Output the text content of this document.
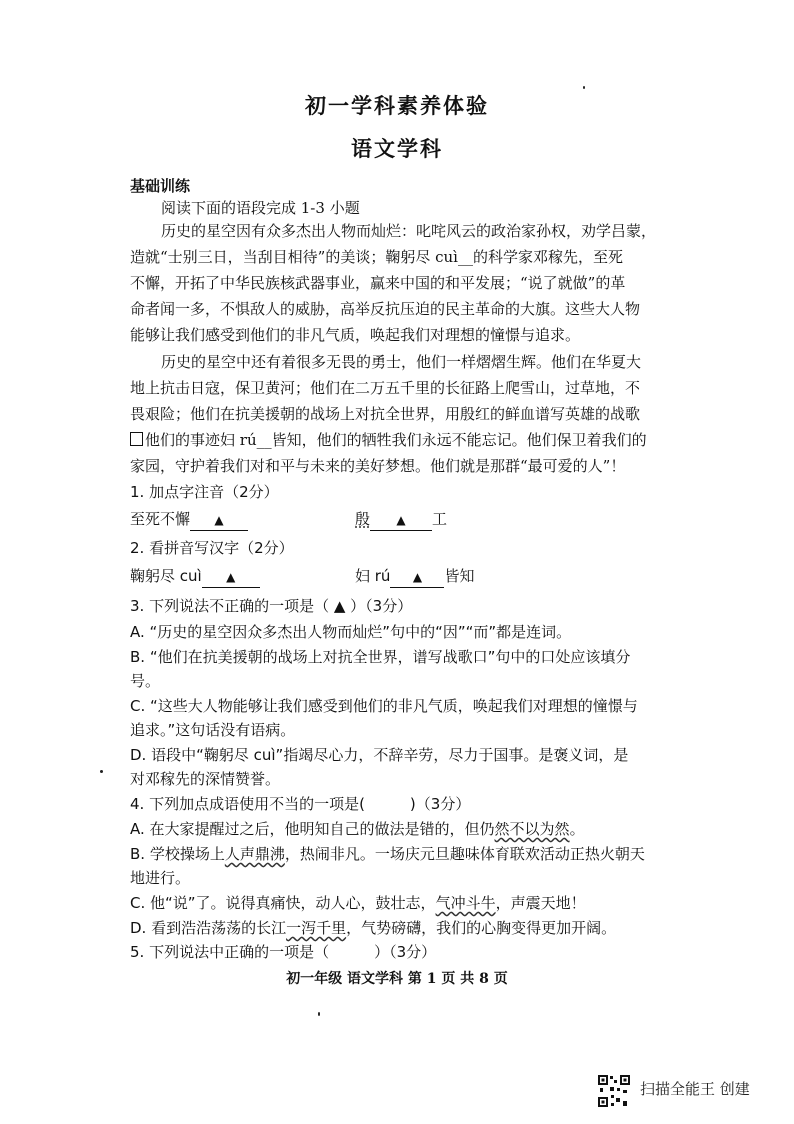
初一学科素养体验
语文学科
基础训练
阅读下面的语段完成 1-3 小题
历史的星空因有众多杰出人物而灿烂：叱咤风云的政治家孙权，劝学吕蒙，
造就“士别三日，当刮目相待”的美谈；鞠躬尽 cuì__的科学家邓稼先，至死
不懈，开拓了中华民族核武器事业，赢来中国的和平发展；“说了就做”的革
命者闻一多，不惧敌人的威胁，高举反抗压迫的民主革命的大旗。这些大人物
能够让我们感受到他们的非凡气质，唤起我们对理想的憧憬与追求。
历史的星空中还有着很多无畏的勇士，他们一样熠熠生辉。他们在华夏大
地上抗击日寇，保卫黄河；他们在二万五千里的长征路上爬雪山，过草地，不
畏艰险；他们在抗美援朝的战场上对抗全世界，用殷红的鲜血谱写英雄的战歌
他们的事迹妇 rú__皆知，他们的牺牲我们永远不能忘记。他们保卫着我们的
家园，守护着我们对和平与未来的美好梦想。他们就是那群“最可爱的人”！
1. 加点字注音（2分）
至死不懈 ▲	殷 ▲ 工
2. 看拼音写汉字（2分）
鞠躬尽 cuì ▲	妇 rú ▲ 皆知
3. 下列说法不正确的一项是（ ▲ ）（3分）
A. “历史的星空因众多杰出人物而灿烂”句中的“因”“而”都是连词。
B. “他们在抗美援朝的战场上对抗全世界，谱写战歌口”句中的口处应该填分
号。
C. “这些大人物能够让我们感受到他们的非凡气质，唤起我们对理想的憧憬与
追求。”这句话没有语病。
D. 语段中“鞠躬尽 cuì”指竭尽心力，不辞辛劳，尽力于国事。是褒义词，是
对邓稼先的深情赞誉。
4. 下列加点成语使用不当的一项是(　　　)（3分）
A. 在大家提醒过之后，他明知自己的做法是错的，但仍然不以为然。
B. 学校操场上人声鼎沸，热闹非凡。一场庆元旦趣味体育联欢活动正热火朝天
地进行。
C. 他“说”了。说得真痛快，动人心，鼓壮志，气冲斗牛，声震天地！
D. 看到浩浩荡荡的长江一泻千里，气势磅礴，我们的心胸变得更加开阔。
5. 下列说法中正确的一项是（　　　）（3分）
初一年级 语文学科 第 1 页 共 8 页
扫描全能王 创建
